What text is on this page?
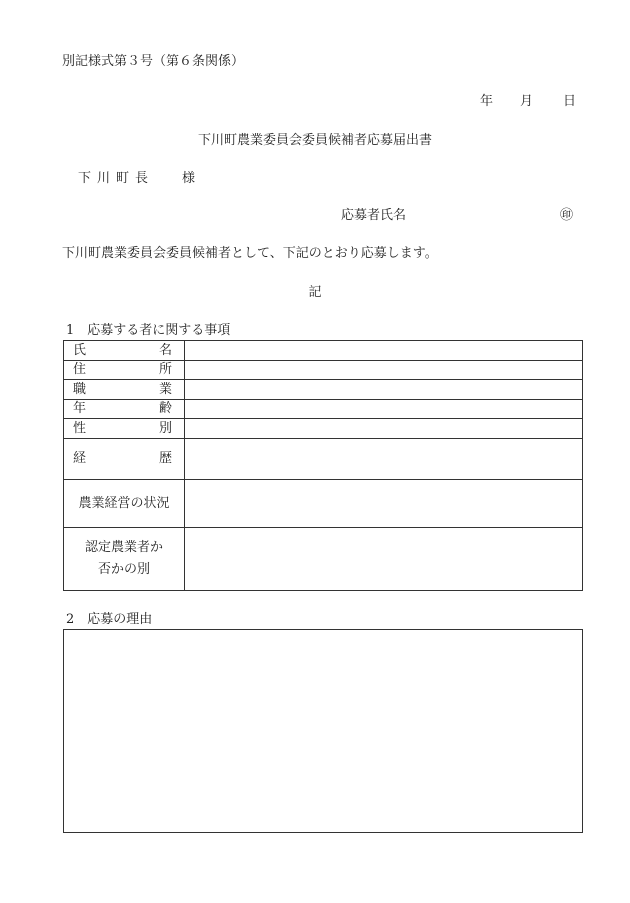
別記様式第３号（第６条関係）
年 月 日
下川町農業委員会委員候補者応募届出書
下川町長 様
応募者氏名	㊞
下川町農業委員会委員候補者として、下記のとおり応募します。
記
1　応募する者に関する事項
氏	名
住	所
職	業
年	齢
性	別
経	歴
農業経営の状況
認定農業者か
否かの別
2　応募の理由
